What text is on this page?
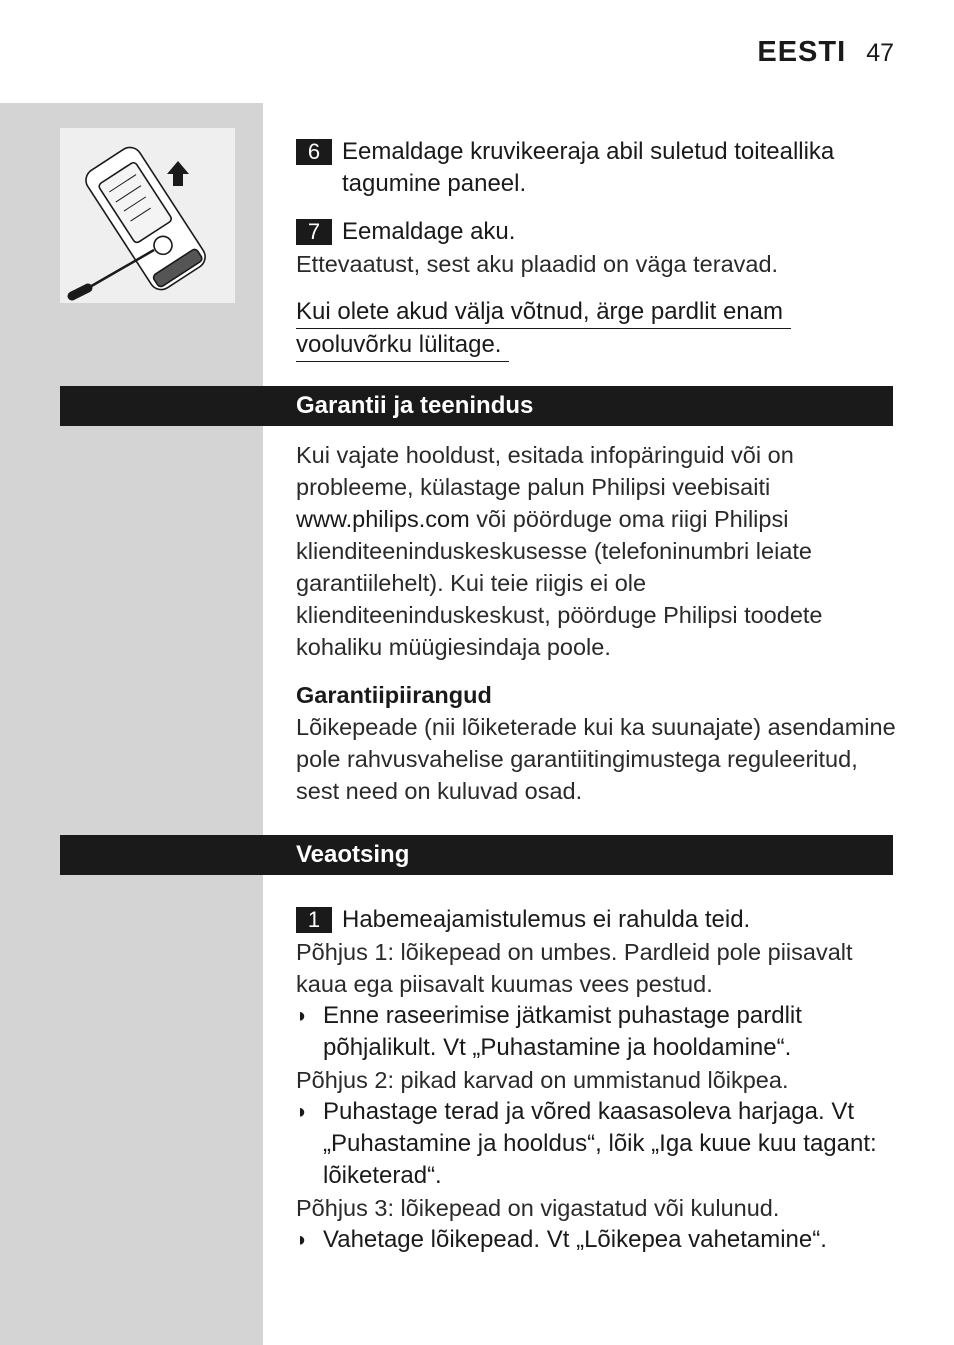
EESTI 47
6 Eemaldage kruvikeeraja abil suletud toiteallika tagumine paneel.
7 Eemaldage aku.
Ettevaatust, sest aku plaadid on väga teravad.
Kui olete akud välja võtnud, ärge pardlit enam
vooluvõrku lülitage.
Garantii ja teenindus
Kui vajate hooldust, esitada infopäringuid või on probleeme, külastage palun Philipsi veebisaiti www.philips.com või pöörduge oma riigi Philipsi klienditeeninduskeskusesse (telefoninumbri leiate garantiilehelt). Kui teie riigis ei ole klienditeeninduskeskust, pöörduge Philipsi toodete kohaliku müügiesindaja poole.
Garantiipiirangud
Lõikepeade (nii lõiketerade kui ka suunajate) asendamine pole rahvusvahelise garantiitingimustega reguleeritud, sest need on kuluvad osad.
Veaotsing
1 Habemeajamistulemus ei rahulda teid.
Põhjus 1: lõikepead on umbes. Pardleid pole piisavalt kaua ega piisavalt kuumas vees pestud.
◗ Enne raseerimise jätkamist puhastage pardlit põhjalikult. Vt „Puhastamine ja hooldamine“.
Põhjus 2: pikad karvad on ummistanud lõikpea.
◗ Puhastage terad ja võred kaasasoleva harjaga. Vt „Puhastamine ja hooldus“, lõik „Iga kuue kuu tagant: lõiketerad“.
Põhjus 3: lõikepead on vigastatud või kulunud.
◗ Vahetage lõikepead. Vt „Lõikepea vahetamine“.
